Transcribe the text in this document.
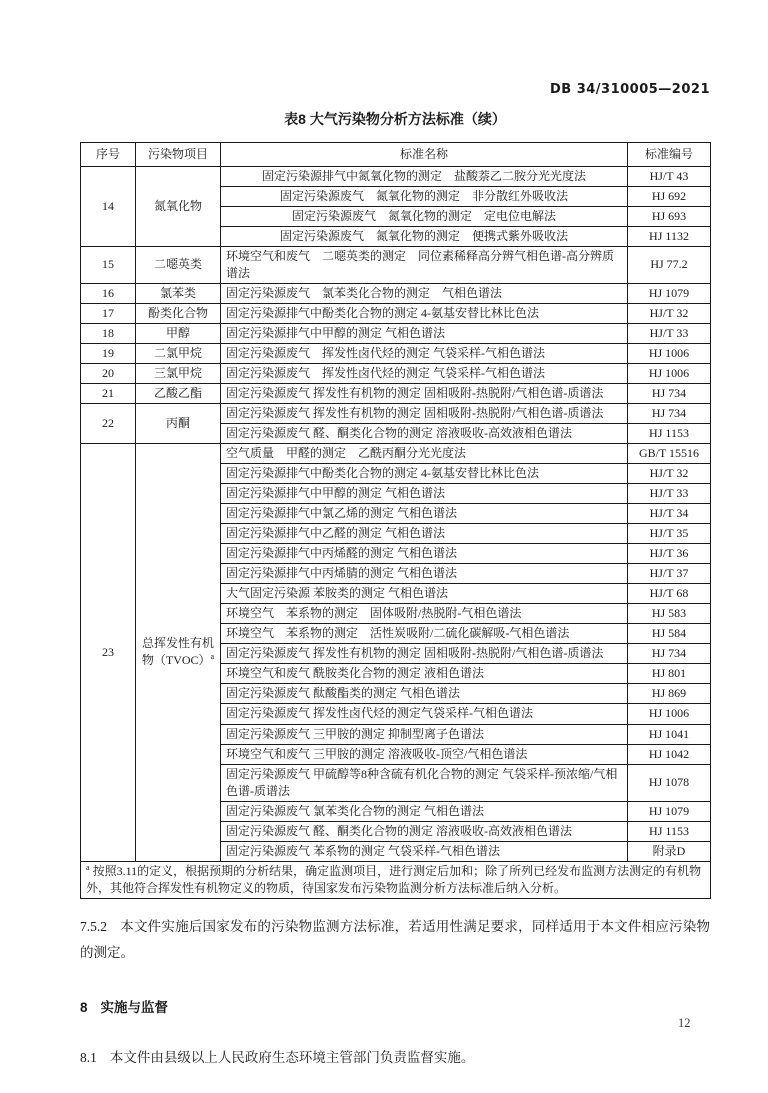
DB 34/310005—2021
表8 大气污染物分析方法标准（续）
序号	污染物项目	标准名称	标准编号
14	氮氧化物	固定污染源排气中氮氧化物的测定　盐酸萘乙二胺分光光度法	HJ/T 43
		固定污染源废气　氮氧化物的测定　非分散红外吸收法	HJ 692
		固定污染源废气　氮氧化物的测定　定电位电解法	HJ 693
		固定污染源废气　氮氧化物的测定　便携式紫外吸收法	HJ 1132
15	二噁英类	环境空气和废气　二噁英类的测定　同位素稀释高分辨气相色谱-高分辨质谱法	HJ 77.2
16	氯苯类	固定污染源废气　氯苯类化合物的测定　气相色谱法	HJ 1079
17	酚类化合物	固定污染源排气中酚类化合物的测定 4-氨基安替比林比色法	HJ/T 32
18	甲醇	固定污染源排气中甲醇的测定 气相色谱法	HJ/T 33
19	二氯甲烷	固定污染源废气　挥发性卤代烃的测定 气袋采样-气相色谱法	HJ 1006
20	三氯甲烷	固定污染源废气　挥发性卤代烃的测定 气袋采样-气相色谱法	HJ 1006
21	乙酸乙酯	固定污染源废气 挥发性有机物的测定 固相吸附-热脱附/气相色谱-质谱法	HJ 734
22	丙酮	固定污染源废气 挥发性有机物的测定 固相吸附-热脱附/气相色谱-质谱法	HJ 734
		固定污染源废气 醛、酮类化合物的测定 溶液吸收-高效液相色谱法	HJ 1153
23	总挥发性有机物（TVOC）$^a$	空气质量　甲醛的测定　乙酰丙酮分光光度法	GB/T 15516
		固定污染源排气中酚类化合物的测定 4-氨基安替比林比色法	HJ/T 32
		固定污染源排气中甲醇的测定 气相色谱法	HJ/T 33
		固定污染源排气中氯乙烯的测定 气相色谱法	HJ/T 34
		固定污染源排气中乙醛的测定 气相色谱法	HJ/T 35
		固定污染源排气中丙烯醛的测定 气相色谱法	HJ/T 36
		固定污染源排气中丙烯腈的测定 气相色谱法	HJ/T 37
		大气固定污染源 苯胺类的测定 气相色谱法	HJ/T 68
		环境空气　苯系物的测定　固体吸附/热脱附-气相色谱法	HJ 583
		环境空气　苯系物的测定　活性炭吸附/二硫化碳解吸-气相色谱法	HJ 584
		固定污染源废气 挥发性有机物的测定 固相吸附-热脱附/气相色谱-质谱法	HJ 734
		环境空气和废气 酰胺类化合物的测定 液相色谱法	HJ 801
		固定污染源废气 酞酸酯类的测定 气相色谱法	HJ 869
		固定污染源废气 挥发性卤代烃的测定气袋采样-气相色谱法	HJ 1006
		固定污染源废气 三甲胺的测定 抑制型离子色谱法	HJ 1041
		环境空气和废气 三甲胺的测定 溶液吸收-顶空/气相色谱法	HJ 1042
		固定污染源废气 甲硫醇等8种含硫有机化合物的测定 气袋采样-预浓缩/气相色谱-质谱法	HJ 1078
		固定污染源废气 氯苯类化合物的测定 气相色谱法	HJ 1079
		固定污染源废气 醛、酮类化合物的测定 溶液吸收-高效液相色谱法	HJ 1153
		固定污染源废气 苯系物的测定 气袋采样-气相色谱法	附录D
$^a$ 按照3.11的定义，根据预期的分析结果，确定监测项目，进行测定后加和；除了所列已经发布监测方法测定的有机物外，其他符合挥发性有机物定义的物质，待国家发布污染物监测分析方法标准后纳入分析。			
7.5.2 本文件实施后国家发布的污染物监测方法标准，若适用性满足要求，同样适用于本文件相应污染物的测定。
8 实施与监督
8.1 本文件由县级以上人民政府生态环境主管部门负责监督实施。
12
